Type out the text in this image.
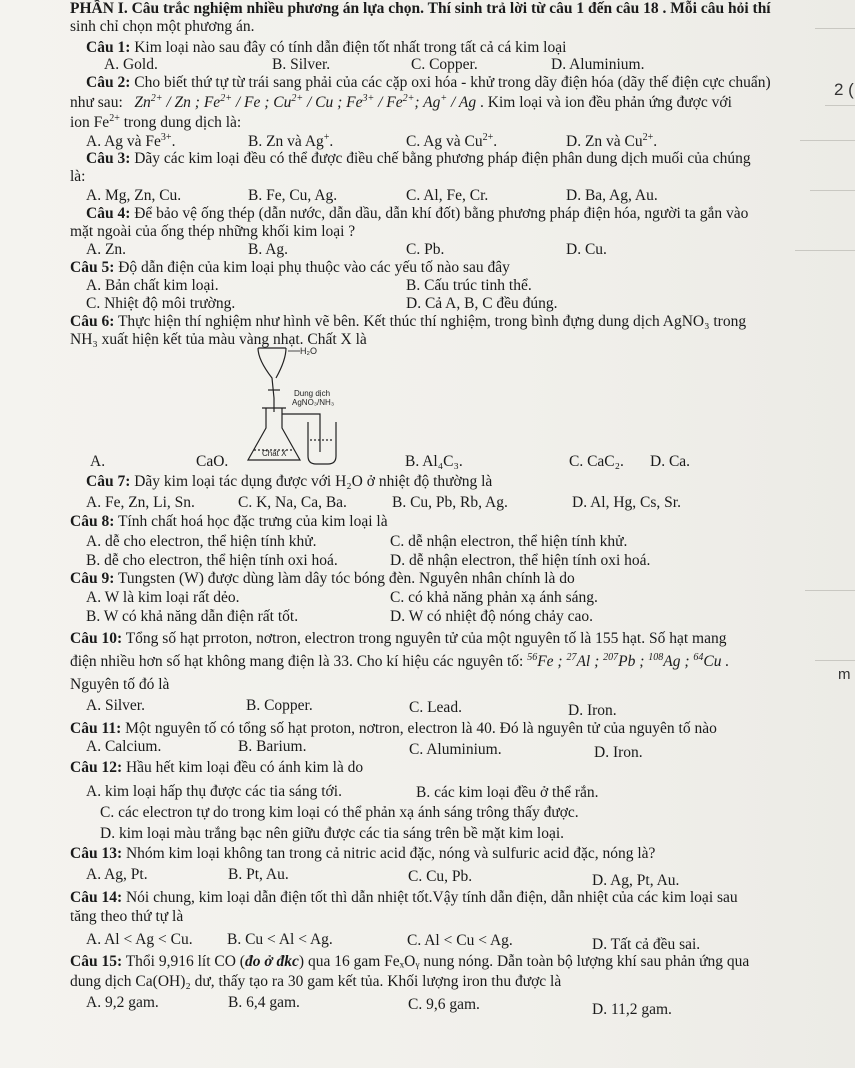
PHẦN I. Câu trắc nghiệm nhiều phương án lựa chọn. Thí sinh trả lời từ câu 1 đến câu 18 . Mỗi câu hỏi thí
sinh chỉ chọn một phương án.
Câu 1: Kim loại nào sau đây có tính dẫn điện tốt nhất trong tất cả cá kim loại
A. Gold.	B. Silver.	C. Copper.	D. Aluminium.
Câu 2: Cho biết thứ tự từ trái sang phải của các cặp oxi hóa - khử trong dãy điện hóa (dãy thế điện cực chuẩn)
như sau:   $Zn^{2+}$ / Zn ; $Fe^{2+}$ / Fe ; $Cu^{2+}$ / Cu ; $Fe^{3+} / Fe^{2+}$; Ag+ / Ag . Kim loại và ion đều phản ứng được với
ion $Fe^{2+}$ trong dung dịch là:
A. Ag và $Fe^{3+}$.	B. Zn và Ag+.	C. Ag và $Cu^{2+}$.	D. Zn và $Cu^{2+}$.
Câu 3: Dãy các kim loại đều có thể được điều chế bằng phương pháp điện phân dung dịch muối của chúng
là:
A. Mg, Zn, Cu.	B. Fe, Cu, Ag.	C. Al, Fe, Cr.	D. Ba, Ag, Au.
Câu 4: Để bảo vệ ống thép (dẫn nước, dẫn dầu, dẫn khí đốt) bằng phương pháp điện hóa, người ta gắn vào
mặt ngoài của ống thép những khối kim loại ?
A. Zn.	B. Ag.	C. Pb.	D. Cu.
Câu 5: Độ dẫn điện của kim loại phụ thuộc vào các yếu tố nào sau đây
A. Bản chất kim loại.	B. Cấu trúc tinh thể.
C. Nhiệt độ môi trường.	D. Cả A, B, C đều đúng.
Câu 6: Thực hiện thí nghiệm như hình vẽ bên. Kết thúc thí nghiệm, trong bình đựng dung dịch AgNO₃ trong
NH₃ xuất hiện kết tủa màu vàng nhạt. Chất X là
H₂O
Dung dịch
AgNO₃/NH₃
Chất X
A.	CaO.	B. Al₄C₃.	C. CaC₂. D. Ca.
Câu 7: Dãy kim loại tác dụng được với H₂O ở nhiệt độ thường là
A. Fe, Zn, Li, Sn.	C. K, Na, Ca, Ba.	B. Cu, Pb, Rb, Ag.	D. Al, Hg, Cs, Sr.
Câu 8: Tính chất hoá học đặc trưng của kim loại là
A. dễ cho electron, thể hiện tính khử.	C. dễ nhận electron, thể hiện tính khử.
B. dễ cho electron, thể hiện tính oxi hoá.	D. dễ nhận electron, thể hiện tính oxi hoá.
Câu 9: Tungsten (W) được dùng làm dây tóc bóng đèn. Nguyên nhân chính là do
A. W là kim loại rất dẻo.	C. có khả năng phản xạ ánh sáng.
B. W có khả năng dẫn điện rất tốt.	D. W có nhiệt độ nóng chảy cao.
Câu 10: Tổng số hạt prroton, nơtron, electron trong nguyên tử của một nguyên tố là 155 hạt. Số hạt mang
điện nhiều hơn số hạt không mang điện là 33. Cho kí hiệu các nguyên tố: $^{56}$Fe ; $^{27}$Al ; $^{207}$Pb ; $^{108}$Ag ; $^{64}$Cu .
Nguyên tố đó là
A. Silver.	B. Copper.	C. Lead.	D. Iron.
Câu 11: Một nguyên tố có tổng số hạt proton, nơtron, electron là 40. Đó là nguyên tử của nguyên tố nào
A. Calcium.	B. Barium.	C. Aluminium.	D. Iron.
Câu 12: Hầu hết kim loại đều có ánh kim là do
A. kim loại hấp thụ được các tia sáng tới.	B. các kim loại đều ở thể rắn.
C. các electron tự do trong kim loại có thể phản xạ ánh sáng trông thấy được.
D. kim loại màu trắng bạc nên giữu được các tia sáng trên bề mặt kim loại.
Câu 13: Nhóm kim loại không tan trong cả nitric acid đặc, nóng và sulfuric acid đặc, nóng là?
A. Ag, Pt.	B. Pt, Au.	C. Cu, Pb.	D. Ag, Pt, Au.
Câu 14: Nói chung, kim loại dẫn điện tốt thì dẫn nhiệt tốt.Vậy tính dẫn điện, dẫn nhiệt của các kim loại sau
tăng theo thứ tự là
A. Al < Ag < Cu. B. Cu < Al < Ag.	C. Al < Cu < Ag.	D. Tất cả đều sai.
Câu 15: Thổi 9,916 lít CO (đo ở đkc) qua 16 gam FeₓOᵧ nung nóng. Dẫn toàn bộ lượng khí sau phản ứng qua
dung dịch Ca(OH)₂ dư, thấy tạo ra 30 gam kết tủa. Khối lượng iron thu được là
A. 9,2 gam.	B. 6,4 gam.	C. 9,6 gam.	D. 11,2 gam.
2 (
m
